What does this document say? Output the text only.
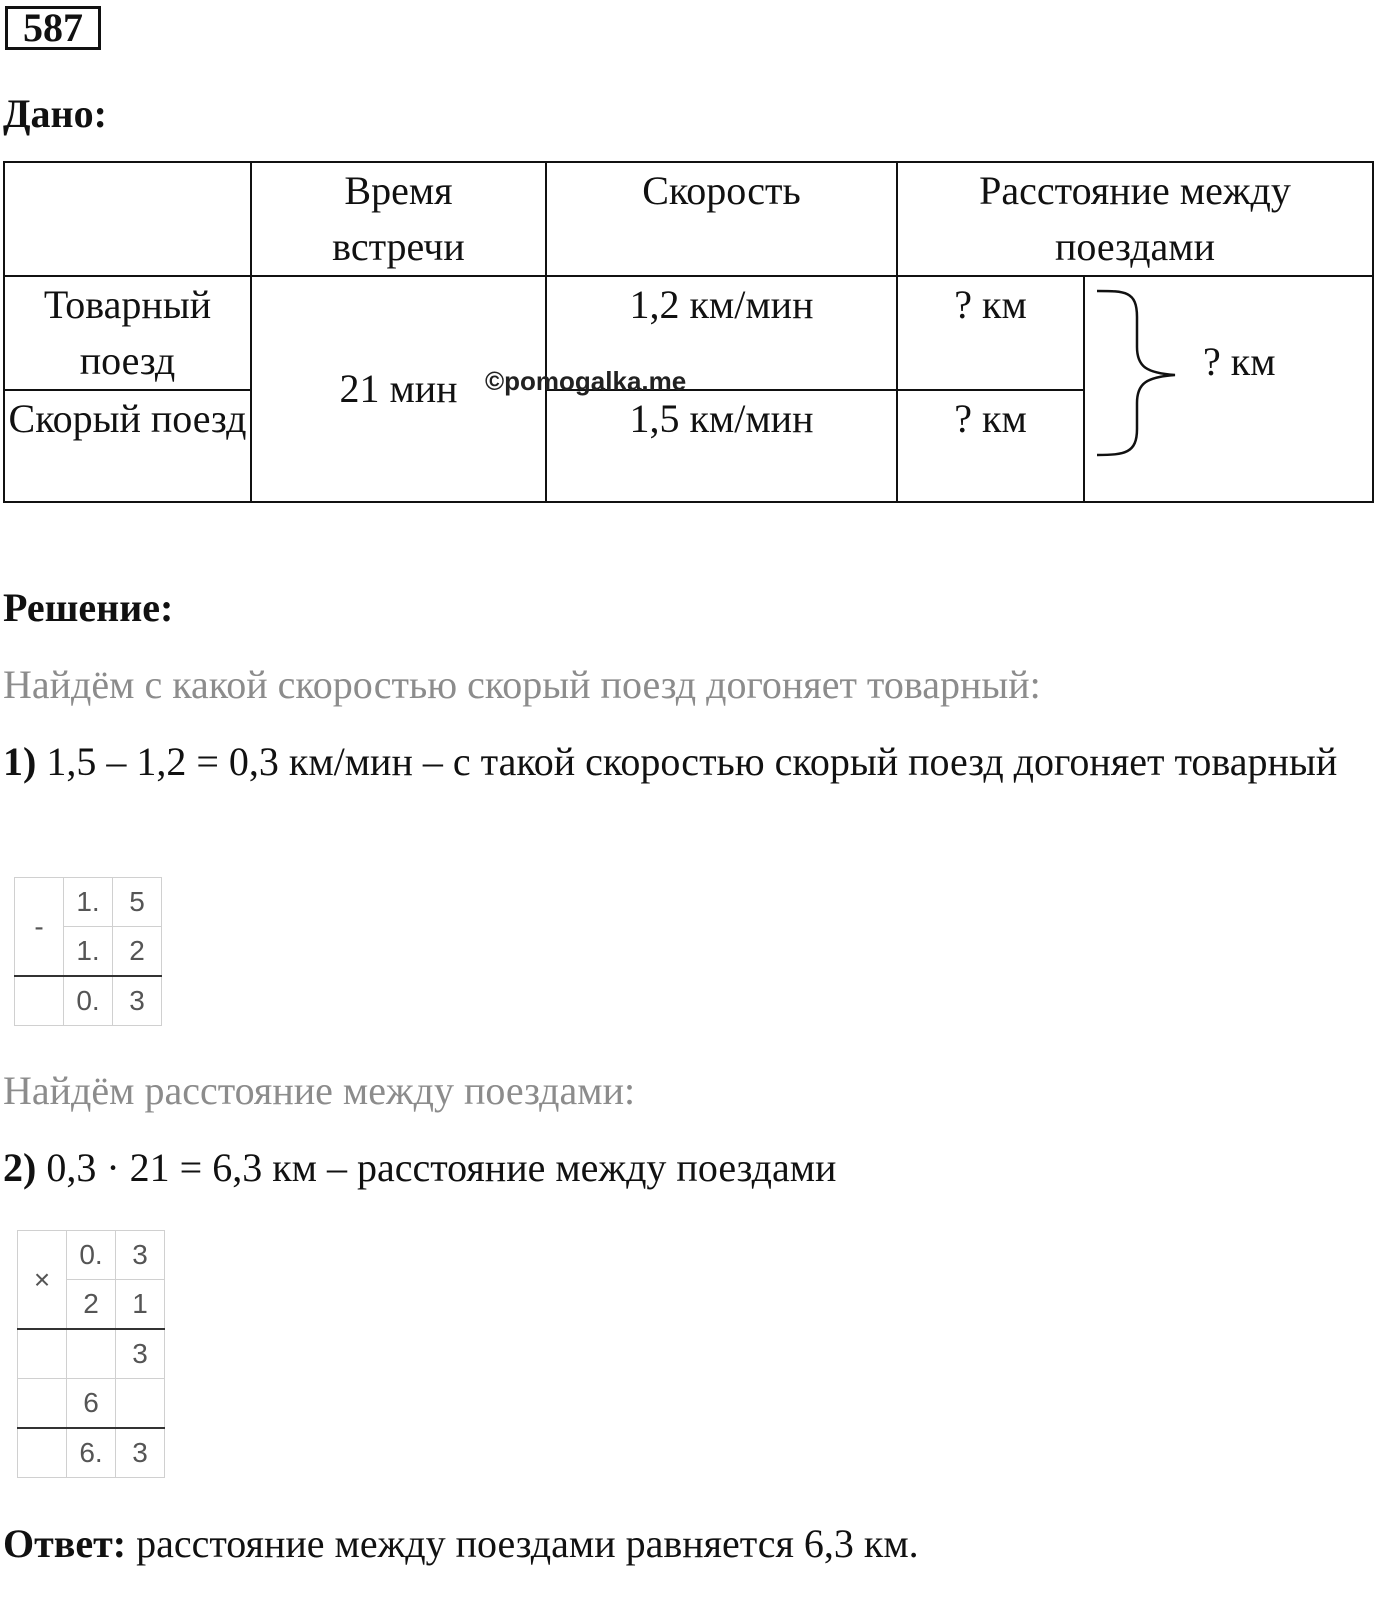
587
Дано:
	Время встречи	Скорость	Расстояние между поездами	
Товарный поезд	21 мин	1,2 км/мин	? км	? км

Скорый поезд		1,5 км/мин	? км	
©pomogalka.me
Решение:
Найдём с какой скоростью скорый поезд догоняет товарный:
1) 1,5 – 1,2 = 0,3 км/мин – с такой скоростью скорый поезд догоняет товарный
-	1.	5
	1.	2
	0.	3
Найдём расстояние между поездами:
2) 0,3 · 21 = 6,3 км – расстояние между поездами
×	0.	3
	2	1
		3
	6	
	6.	3
Ответ: расстояние между поездами равняется 6,3 км.
